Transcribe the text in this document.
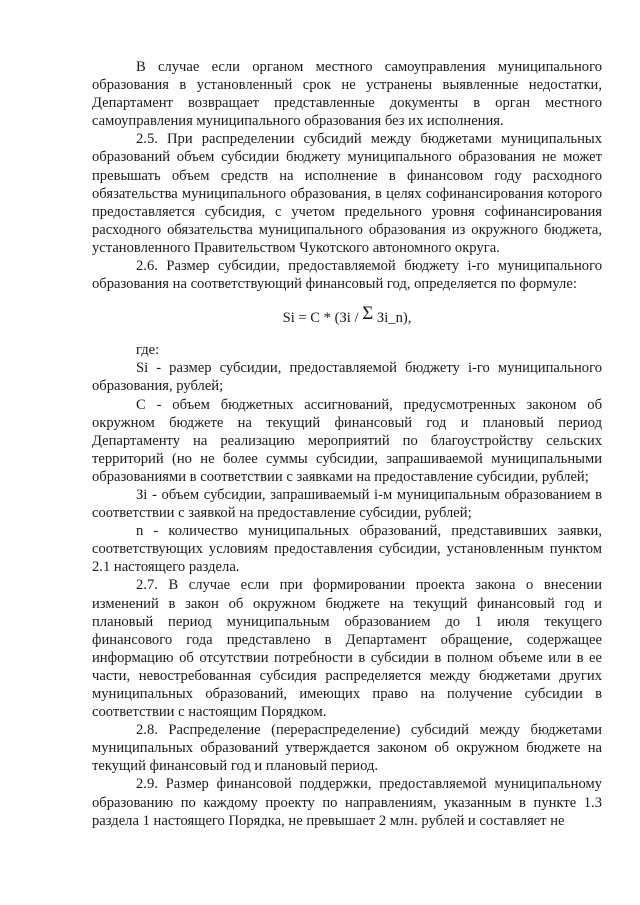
В случае если органом местного самоуправления муниципального образования в установленный срок не устранены выявленные недостатки, Департамент возвращает представленные документы в орган местного самоуправления муниципального образования без их исполнения.

2.5. При распределении субсидий между бюджетами муниципальных образований объем субсидии бюджету муниципального образования не может превышать объем средств на исполнение в финансовом году расходного обязательства муниципального образования, в целях софинансирования которого предоставляется субсидия, с учетом предельного уровня софинансирования расходного обязательства муниципального образования из окружного бюджета, установленного Правительством Чукотского автономного округа.

2.6. Размер субсидии, предоставляемой бюджету i-го муниципального образования на соответствующий финансовый год, определяется по формуле:

Si = C * (Зi / Σ Зi_n),

где:

Si - размер субсидии, предоставляемой бюджету i-го муниципального образования, рублей;

C - объем бюджетных ассигнований, предусмотренных законом об окружном бюджете на текущий финансовый год и плановый период Департаменту на реализацию мероприятий по благоустройству сельских территорий (но не более суммы субсидии, запрашиваемой муниципальными образованиями в соответствии с заявками на предоставление субсидии, рублей;

Зi - объем субсидии, запрашиваемый i-м муниципальным образованием в соответствии с заявкой на предоставление субсидии, рублей;

n - количество муниципальных образований, представивших заявки, соответствующих условиям предоставления субсидии, установленным пунктом 2.1 настоящего раздела.

2.7. В случае если при формировании проекта закона о внесении изменений в закон об окружном бюджете на текущий финансовый год и плановый период муниципальным образованием до 1 июля текущего финансового года представлено в Департамент обращение, содержащее информацию об отсутствии потребности в субсидии в полном объеме или в ее части, невостребованная субсидия распределяется между бюджетами других муниципальных образований, имеющих право на получение субсидии в соответствии с настоящим Порядком.

2.8. Распределение (перераспределение) субсидий между бюджетами муниципальных образований утверждается законом об окружном бюджете на текущий финансовый год и плановый период.

2.9. Размер финансовой поддержки, предоставляемой муниципальному образованию по каждому проекту по направлениям, указанным в пункте 1.3 раздела 1 настоящего Порядка, не превышает 2 млн. рублей и составляет не
